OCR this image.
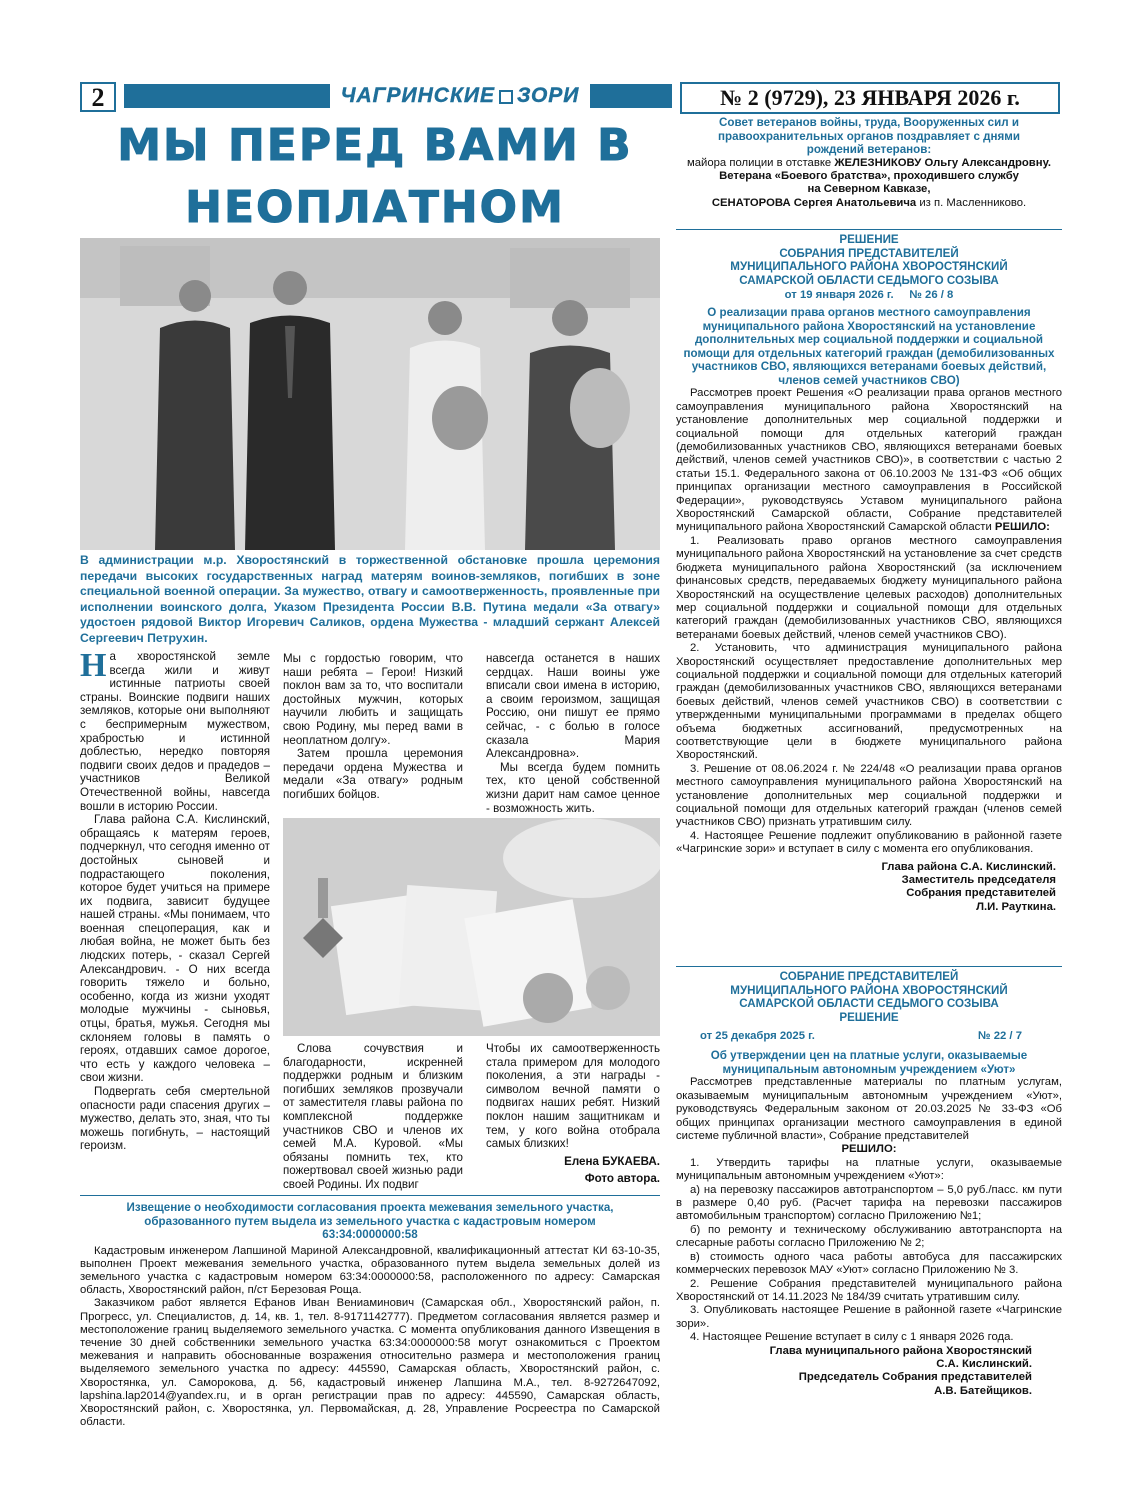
2	ЧАГРИНСКИЕ ЗОРИ	№ 2 (9729), 23 ЯНВАРЯ 2026 г.
МЫ ПЕРЕД ВАМИ В
НЕОПЛАТНОМ
В администрации м.р. Хворостянский в торжественной обстановке прошла церемония передачи высоких государственных наград матерям воинов-земляков, погибших в зоне специальной военной операции. За мужество, отвагу и самоотверженность, проявленные при исполнении воинского долга, Указом Президента России В.В. Путина медали «За отвагу» удостоен рядовой Виктор Игоревич Саликов, ордена Мужества - младший сержант Алексей Сергеевич Петрухин.
На хворостянской земле всегда жили и живут истинные патриоты своей страны. Воинские подвиги наших земляков, которые они выполняют с беспримерным мужеством, храбростью и истинной доблестью, нередко повторяя подвиги своих дедов и прадедов – участников Великой Отечественной войны, навсегда вошли в историю России.

Глава района С.А. Кислинский, обращаясь к матерям героев, подчеркнул, что сегодня именно от достойных сыновей и подрастающего поколения, которое будет учиться на примере их подвига, зависит будущее нашей страны. «Мы понимаем, что военная спецоперация, как и любая война, не может быть без людских потерь, - сказал Сергей Александрович. - О них всегда говорить тяжело и больно, особенно, когда из жизни уходят молодые мужчины - сыновья, отцы, братья, мужья. Сегодня мы склоняем головы в память о героях, отдавших самое дорогое, что есть у каждого человека – свои жизни.

Подвергать себя смертельной опасности ради спасения других – мужество, делать это, зная, что ты можешь погибнуть, – настоящий героизм.

Мы с гордостью говорим, что наши ребята – Герои! Низкий поклон вам за то, что воспитали достойных мужчин, которых научили любить и защищать свою Родину, мы перед вами в неоплатном долгу».

Затем прошла церемония передачи ордена Мужества и медали «За отвагу» родным погибших бойцов.

навсегда останется в наших сердцах. Наши воины уже вписали свои имена в историю, а своим героизмом, защищая Россию, они пишут ее прямо сейчас, - с болью в голосе сказала Мария Александровна».

Мы всегда будем помнить тех, кто ценой собственной жизни дарит нам самое ценное - возможность жить.

Слова сочувствия и благодарности, искренней поддержки родным и близким погибших земляков прозвучали от заместителя главы района по комплексной поддержке участников СВО и членов их семей М.А. Куровой. «Мы обязаны помнить тех, кто пожертвовал своей жизнью ради своей Родины. Их подвиг

Чтобы их самоотверженность стала примером для молодого поколения, а эти награды - символом вечной памяти о подвигах наших ребят. Низкий поклон нашим защитникам и тем, у кого война отобрала самых близких!
Елена БУКАЕВА.
Фото автора.
Извещение о необходимости согласования проекта межевания земельного участка, образованного путем выдела из земельного участка с кадастровым номером 63:34:0000000:58

Кадастровым инженером Лапшиной Мариной Александровной, квалификационный аттестат КИ 63-10-35, выполнен Проект межевания земельного участка, образованного путем выдела земельных долей из земельного участка с кадастровым номером 63:34:0000000:58, расположенного по адресу: Самарская область, Хворостянский район, п/ст Березовая Роща.

Заказчиком работ является Ефанов Иван Вениаминович (Самарская обл., Хворостянский район, п. Прогресс, ул. Специалистов, д. 14, кв. 1, тел. 8-9171142777). Предметом согласования является размер и местоположение границ выделяемого земельного участка. С момента опубликования данного Извещения в течение 30 дней собственники земельного участка 63:34:0000000:58 могут ознакомиться с Проектом межевания и направить обоснованные возражения относительно размера и местоположения границ выделяемого земельного участка по адресу: 445590, Самарская область, Хворостянский район, с. Хворостянка, ул. Саморокова, д. 56, кадастровый инженер Лапшина М.А., тел. 8-9272647092, lapshina.lap2014@yandex.ru, и в орган регистрации прав по адресу: 445590, Самарская область, Хворостянский район, с. Хворостянка, ул. Первомайская, д. 28, Управление Росреестра по Самарской области.

Совет ветеранов войны, труда, Вооруженных сил и правоохранительных органов поздравляет с днями рождений ветеранов:
майора полиции в отставке ЖЕЛЕЗНИКОВУ Ольгу Александровну.
Ветерана «Боевого братства», проходившего службу на Северном Кавказе,
СЕНАТОРОВА Сергея Анатольевича из п. Масленниково.
РЕШЕНИЕ
СОБРАНИЯ ПРЕДСТАВИТЕЛЕЙ
МУНИЦИПАЛЬНОГО РАЙОНА ХВОРОСТЯНСКИЙ
САМАРСКОЙ ОБЛАСТИ СЕДЬМОГО СОЗЫВА
от 19 января 2026 г.     № 26 / 8
О реализации права органов местного самоуправления муниципального района Хворостянский на установление дополнительных мер социальной поддержки и социальной помощи для отдельных категорий граждан (демобилизованных участников СВО, являющихся ветеранами боевых действий, членов семей участников СВО)

Рассмотрев проект Решения «О реализации права органов местного самоуправления муниципального района Хворостянский на установление дополнительных мер социальной поддержки и социальной помощи для отдельных категорий граждан (демобилизованных участников СВО, являющихся ветеранами боевых действий, членов семей участников СВО)», в соответствии с частью 2 статьи 15.1. Федерального закона от 06.10.2003 № 131-ФЗ «Об общих принципах организации местного самоуправления в Российской Федерации», руководствуясь Уставом муниципального района Хворостянский Самарской области, Собрание представителей муниципального района Хворостянский Самарской области РЕШИЛО:

1. Реализовать право органов местного самоуправления муниципального района Хворостянский на установление за счет средств бюджета муниципального района Хворостянский (за исключением финансовых средств, передаваемых бюджету муниципального района Хворостянский на осуществление целевых расходов) дополнительных мер социальной поддержки и социальной помощи для отдельных категорий граждан (демобилизованных участников СВО, являющихся ветеранами боевых действий, членов семей участников СВО).

2. Установить, что администрация муниципального района Хворостянский осуществляет предоставление дополнительных мер социальной поддержки и социальной помощи для отдельных категорий граждан (демобилизованных участников СВО, являющихся ветеранами боевых действий, членов семей участников СВО) в соответствии с утвержденными муниципальными программами в пределах общего объема бюджетных ассигнований, предусмотренных на соответствующие цели в бюджете муниципального района Хворостянский.

3. Решение от 08.06.2024 г. № 224/48 «О реализации права органов местного самоуправления муниципального района Хворостянский на установление дополнительных мер социальной поддержки и социальной помощи для отдельных категорий граждан (членов семей участников СВО) признать утратившим силу.

4. Настоящее Решение подлежит опубликованию в районной газете «Чагринские зори» и вступает в силу с момента его опубликования.

Глава района С.А. Кислинский.
Заместитель председателя
Собрания представителей
Л.И. Рауткина.
СОБРАНИЕ ПРЕДСТАВИТЕЛЕЙ
МУНИЦИПАЛЬНОГО РАЙОНА ХВОРОСТЯНСКИЙ
САМАРСКОЙ ОБЛАСТИ СЕДЬМОГО СОЗЫВА
РЕШЕНИЕ
от 25 декабря 2025 г.	№ 22 / 7
Об утверждении цен на платные услуги, оказываемые муниципальным автономным учреждением «Уют»

Рассмотрев представленные материалы по платным услугам, оказываемым муниципальным автономным учреждением «Уют», руководствуясь Федеральным законом от 20.03.2025 № 33-ФЗ «Об общих принципах организации местного самоуправления в единой системе публичной власти», Собрание представителей

РЕШИЛО:

1. Утвердить тарифы на платные услуги, оказываемые муниципальным автономным учреждением «Уют»:

а) на перевозку пассажиров автотранспортом – 5,0 руб./пасс. км пути в размере 0,40 руб. (Расчет тарифа на перевозки пассажиров автомобильным транспортом) согласно Приложению №1;

б) по ремонту и техническому обслуживанию автотранспорта на слесарные работы согласно Приложению № 2;

в) стоимость одного часа работы автобуса для пассажирских коммерческих перевозок МАУ «Уют» согласно Приложению № 3.

2. Решение Собрания представителей муниципального района Хворостянский от 14.11.2023 № 184/39 считать утратившим силу.

3. Опубликовать настоящее Решение в районной газете «Чагринские зори».

4. Настоящее Решение вступает в силу с 1 января 2026 года.

Глава муниципального района Хворостянский
С.А. Кислинский.
Председатель Собрания представителей
А.В. Батейщиков.
